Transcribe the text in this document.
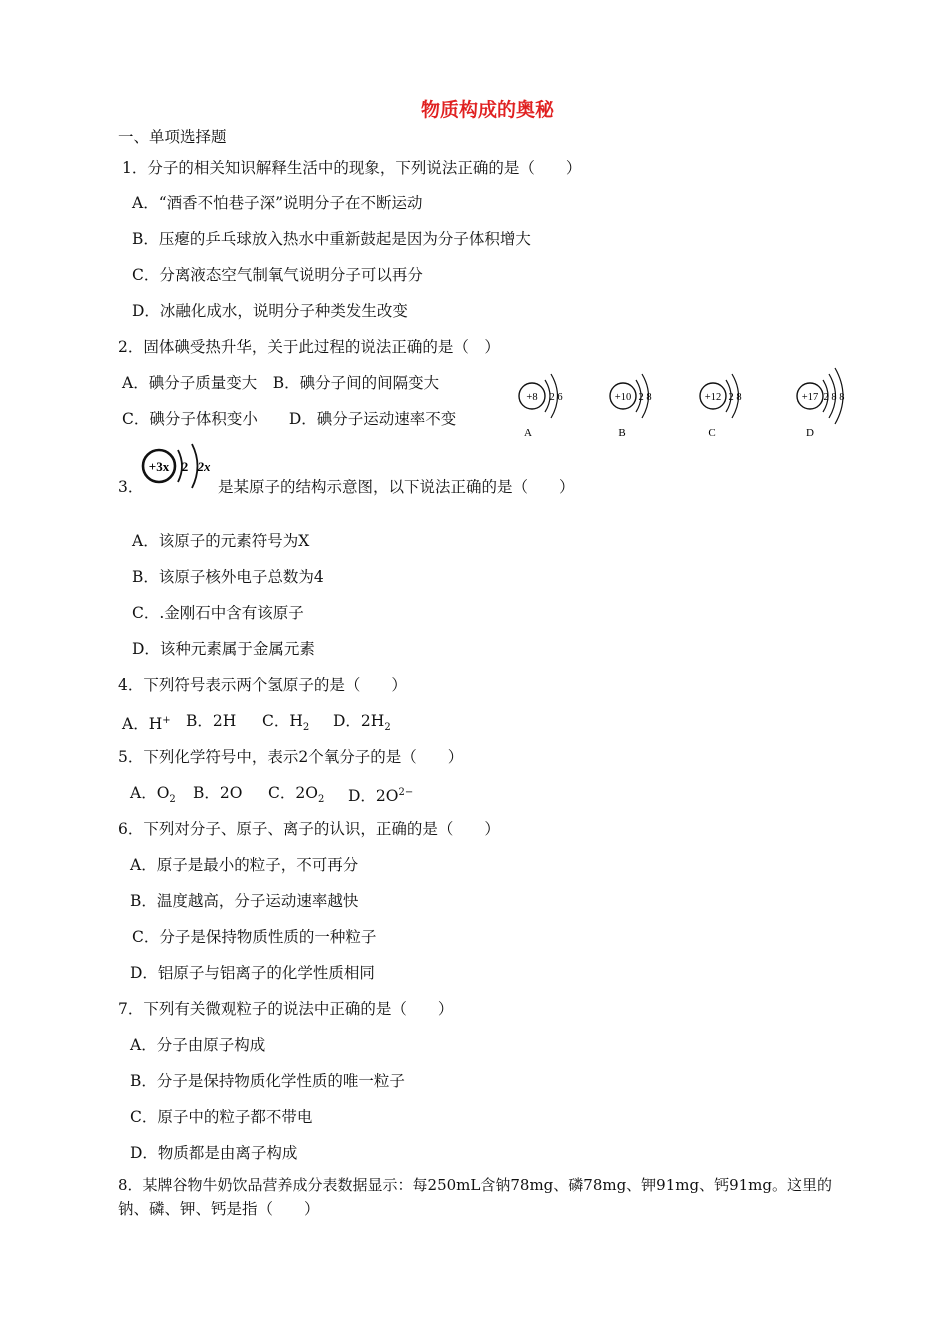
物质构成的奥秘
一、单项选择题
1．分子的相关知识解释生活中的现象，下列说法正确的是（　　）
A．“酒香不怕巷子深”说明分子在不断运动
B．压瘪的乒乓球放入热水中重新鼓起是因为分子体积增大
C．分离液态空气制氧气说明分子可以再分
D．冰融化成水，说明分子种类发生改变
2．固体碘受热升华，关于此过程的说法正确的是（　）
A．碘分子质量变大　B．碘分子间的间隔变大
C．碘分子体积变小　　D．碘分子运动速率不变
+8 2 6
A
+10 2 8
B
+12 2 8
C
+17 2 8 8
D
3．
+3x 2 2x
是某原子的结构示意图，以下说法正确的是（　　）
A．该原子的元素符号为X
B．该原子核外电子总数为4
C．.金刚石中含有该原子
D．该种元素属于金属元素
4．下列符号表示两个氢原子的是（　　）
A．H+ B．2H C．$H_2$ D．$2H_2$
5．下列化学符号中，表示2个氧分子的是（　　）
A．$O_2$ B．2O C．$2O_2$ D．$2O^{2-}$
6．下列对分子、原子、离子的认识，正确的是（　　）
A．原子是最小的粒子，不可再分
B．温度越高，分子运动速率越快
C．分子是保持物质性质的一种粒子
D．铝原子与铝离子的化学性质相同
7．下列有关微观粒子的说法中正确的是（　　）
A．分子由原子构成
B．分子是保持物质化学性质的唯一粒子
C．原子中的粒子都不带电
D．物质都是由离子构成
8．某牌谷物牛奶饮品营养成分表数据显示：每250mL含钠78mg、磷78mg、钾91mg、钙91mg。这里的
钠、磷、钾、钙是指（　　）
